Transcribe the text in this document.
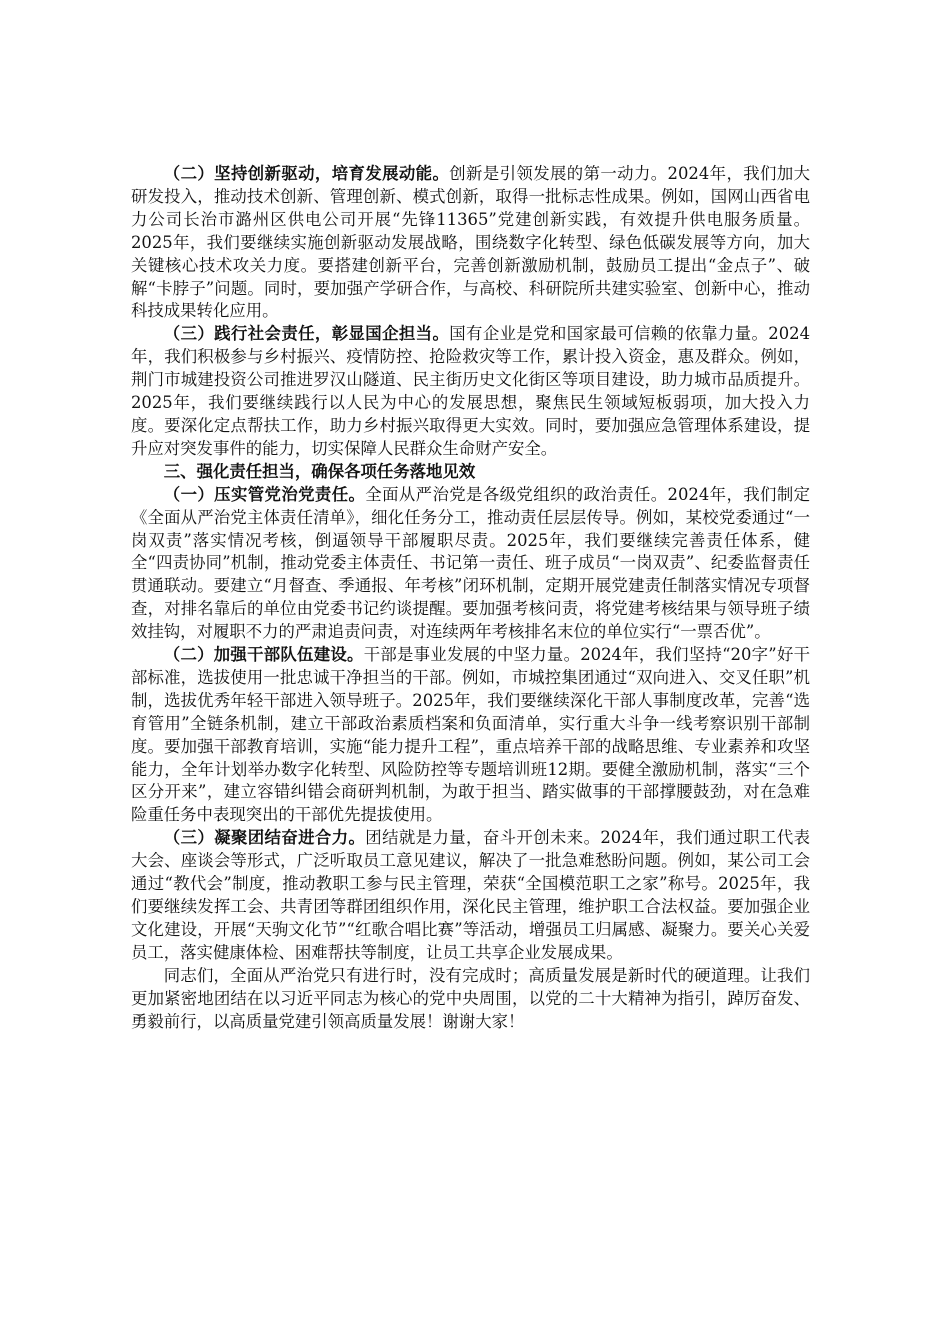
（二）坚持创新驱动，培育发展动能。创新是引领发展的第一动力。2024年，我们加大研发投入，推动技术创新、管理创新、模式创新，取得一批标志性成果。例如，国网山西省电力公司长治市潞州区供电公司开展“先锋11365”党建创新实践，有效提升供电服务质量。2025年，我们要继续实施创新驱动发展战略，围绕数字化转型、绿色低碳发展等方向，加大关键核心技术攻关力度。要搭建创新平台，完善创新激励机制，鼓励员工提出“金点子”、破解“卡脖子”问题。同时，要加强产学研合作，与高校、科研院所共建实验室、创新中心，推动科技成果转化应用。

（三）践行社会责任，彰显国企担当。国有企业是党和国家最可信赖的依靠力量。2024年，我们积极参与乡村振兴、疫情防控、抢险救灾等工作，累计投入资金，惠及群众。例如，荆门市城建投资公司推进罗汉山隧道、民主街历史文化街区等项目建设，助力城市品质提升。2025年，我们要继续践行以人民为中心的发展思想，聚焦民生领域短板弱项，加大投入力度。要深化定点帮扶工作，助力乡村振兴取得更大实效。同时，要加强应急管理体系建设，提升应对突发事件的能力，切实保障人民群众生命财产安全。

三、强化责任担当，确保各项任务落地见效

（一）压实管党治党责任。全面从严治党是各级党组织的政治责任。2024年，我们制定《全面从严治党主体责任清单》，细化任务分工，推动责任层层传导。例如，某校党委通过“一岗双责”落实情况考核，倒逼领导干部履职尽责。2025年，我们要继续完善责任体系，健全“四责协同”机制，推动党委主体责任、书记第一责任、班子成员“一岗双责”、纪委监督责任贯通联动。要建立“月督查、季通报、年考核”闭环机制，定期开展党建责任制落实情况专项督查，对排名靠后的单位由党委书记约谈提醒。要加强考核问责，将党建考核结果与领导班子绩效挂钩，对履职不力的严肃追责问责，对连续两年考核排名末位的单位实行“一票否优”。

（二）加强干部队伍建设。干部是事业发展的中坚力量。2024年，我们坚持“20字”好干部标准，选拔使用一批忠诚干净担当的干部。例如，市城控集团通过“双向进入、交叉任职”机制，选拔优秀年轻干部进入领导班子。2025年，我们要继续深化干部人事制度改革，完善“选育管用”全链条机制，建立干部政治素质档案和负面清单，实行重大斗争一线考察识别干部制度。要加强干部教育培训，实施“能力提升工程”，重点培养干部的战略思维、专业素养和攻坚能力，全年计划举办数字化转型、风险防控等专题培训班12期。要健全激励机制，落实“三个区分开来”，建立容错纠错会商研判机制，为敢于担当、踏实做事的干部撑腰鼓劲，对在急难险重任务中表现突出的干部优先提拔使用。

（三）凝聚团结奋进合力。团结就是力量，奋斗开创未来。2024年，我们通过职工代表大会、座谈会等形式，广泛听取员工意见建议，解决了一批急难愁盼问题。例如，某公司工会通过“教代会”制度，推动教职工参与民主管理，荣获“全国模范职工之家”称号。2025年，我们要继续发挥工会、共青团等群团组织作用，深化民主管理，维护职工合法权益。要加强企业文化建设，开展“天驹文化节”“红歌合唱比赛”等活动，增强员工归属感、凝聚力。要关心关爱员工，落实健康体检、困难帮扶等制度，让员工共享企业发展成果。

同志们，全面从严治党只有进行时，没有完成时；高质量发展是新时代的硬道理。让我们更加紧密地团结在以习近平同志为核心的党中央周围，以党的二十大精神为指引，踔厉奋发、勇毅前行，以高质量党建引领高质量发展！谢谢大家！
